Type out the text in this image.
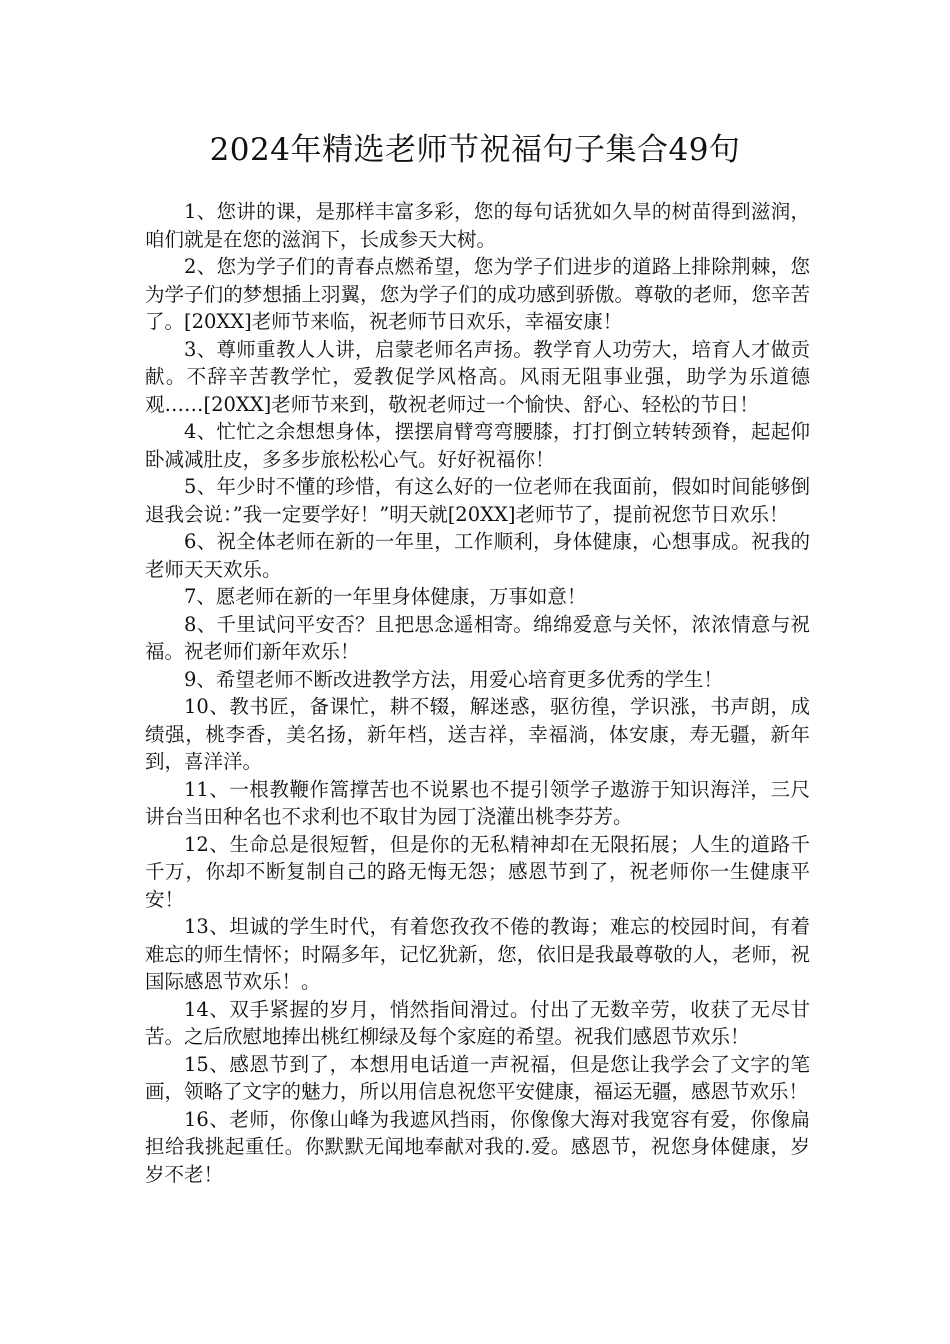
2024年精选老师节祝福句子集合49句

1、您讲的课，是那样丰富多彩，您的每句话犹如久旱的树苗得到滋润，咱们就是在您的滋润下，长成参天大树。

2、您为学子们的青春点燃希望，您为学子们进步的道路上排除荆棘，您为学子们的梦想插上羽翼，您为学子们的成功感到骄傲。尊敬的老师，您辛苦了。[20XX]老师节来临，祝老师节日欢乐，幸福安康！

3、尊师重教人人讲，启蒙老师名声扬。教学育人功劳大，培育人才做贡献。不辞辛苦教学忙，爱教促学风格高。风雨无阻事业强，助学为乐道德观……[20XX]老师节来到，敬祝老师过一个愉快、舒心、轻松的节日！

4、忙忙之余想想身体，摆摆肩臂弯弯腰膝，打打倒立转转颈脊，起起仰卧减减肚皮，多多步旅松松心气。好好祝福你！

5、年少时不懂的珍惜，有这么好的一位老师在我面前，假如时间能够倒退我会说：”我一定要学好！”明天就[20XX]老师节了，提前祝您节日欢乐！

6、祝全体老师在新的一年里，工作顺利，身体健康，心想事成。祝我的老师天天欢乐。

7、愿老师在新的一年里身体健康，万事如意！

8、千里试问平安否？且把思念遥相寄。绵绵爱意与关怀，浓浓情意与祝福。祝老师们新年欢乐！

9、希望老师不断改进教学方法，用爱心培育更多优秀的学生！

10、教书匠，备课忙，耕不辍，解迷惑，驱彷徨，学识涨，书声朗，成绩强，桃李香，美名扬，新年档，送吉祥，幸福淌，体安康，寿无疆，新年到，喜洋洋。

11、一根教鞭作篙撑苦也不说累也不提引领学子遨游于知识海洋，三尺讲台当田种名也不求利也不取甘为园丁浇灌出桃李芬芳。

12、生命总是很短暂，但是你的无私精神却在无限拓展；人生的道路千千万，你却不断复制自己的路无悔无怨；感恩节到了，祝老师你一生健康平安！

13、坦诚的学生时代，有着您孜孜不倦的教诲；难忘的校园时间，有着难忘的师生情怀；时隔多年，记忆犹新，您，依旧是我最尊敬的人，老师，祝国际感恩节欢乐！。

14、双手紧握的岁月，悄然指间滑过。付出了无数辛劳，收获了无尽甘苦。之后欣慰地捧出桃红柳绿及每个家庭的希望。祝我们感恩节欢乐！

15、感恩节到了，本想用电话道一声祝福，但是您让我学会了文字的笔画，领略了文字的魅力，所以用信息祝您平安健康，福运无疆，感恩节欢乐！

16、老师，你像山峰为我遮风挡雨，你像像大海对我宽容有爱，你像扁担给我挑起重任。你默默无闻地奉献对我的.爱。感恩节，祝您身体健康，岁岁不老！
